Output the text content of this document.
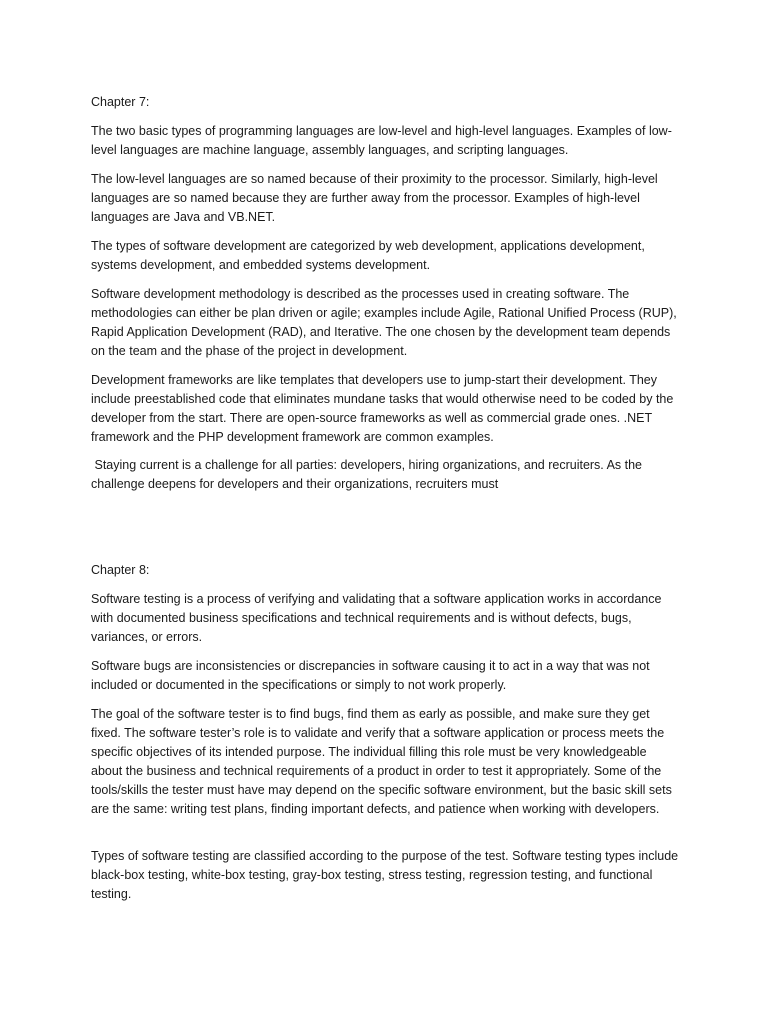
Chapter 7:

The two basic types of programming languages are low-level and high-level languages. Examples of low-level languages are machine language, assembly languages, and scripting languages.

The low-level languages are so named because of their proximity to the processor. Similarly, high-level languages are so named because they are further away from the processor. Examples of high-level languages are Java and VB.NET.

The types of software development are categorized by web development, applications development, systems development, and embedded systems development.

Software development methodology is described as the processes used in creating software. The methodologies can either be plan driven or agile; examples include Agile, Rational Unified Process (RUP), Rapid Application Development (RAD), and Iterative. The one chosen by the development team depends on the team and the phase of the project in development.

Development frameworks are like templates that developers use to jump-start their development. They include preestablished code that eliminates mundane tasks that would otherwise need to be coded by the developer from the start. There are open-source frameworks as well as commercial grade ones. .NET framework and the PHP development framework are common examples.

Staying current is a challenge for all parties: developers, hiring organizations, and recruiters. As the challenge deepens for developers and their organizations, recruiters must

Chapter 8:

Software testing is a process of verifying and validating that a software application works in accordance with documented business specifications and technical requirements and is without defects, bugs, variances, or errors.

Software bugs are inconsistencies or discrepancies in software causing it to act in a way that was not included or documented in the specifications or simply to not work properly.

The goal of the software tester is to find bugs, find them as early as possible, and make sure they get fixed. The software tester’s role is to validate and verify that a software application or process meets the specific objectives of its intended purpose. The individual filling this role must be very knowledgeable about the business and technical requirements of a product in order to test it appropriately. Some of the tools/skills the tester must have may depend on the specific software environment, but the basic skill sets are the same: writing test plans, finding important defects, and patience when working with developers.

Types of software testing are classified according to the purpose of the test. Software testing types include black-box testing, white-box testing, gray-box testing, stress testing, regression testing, and functional testing.
